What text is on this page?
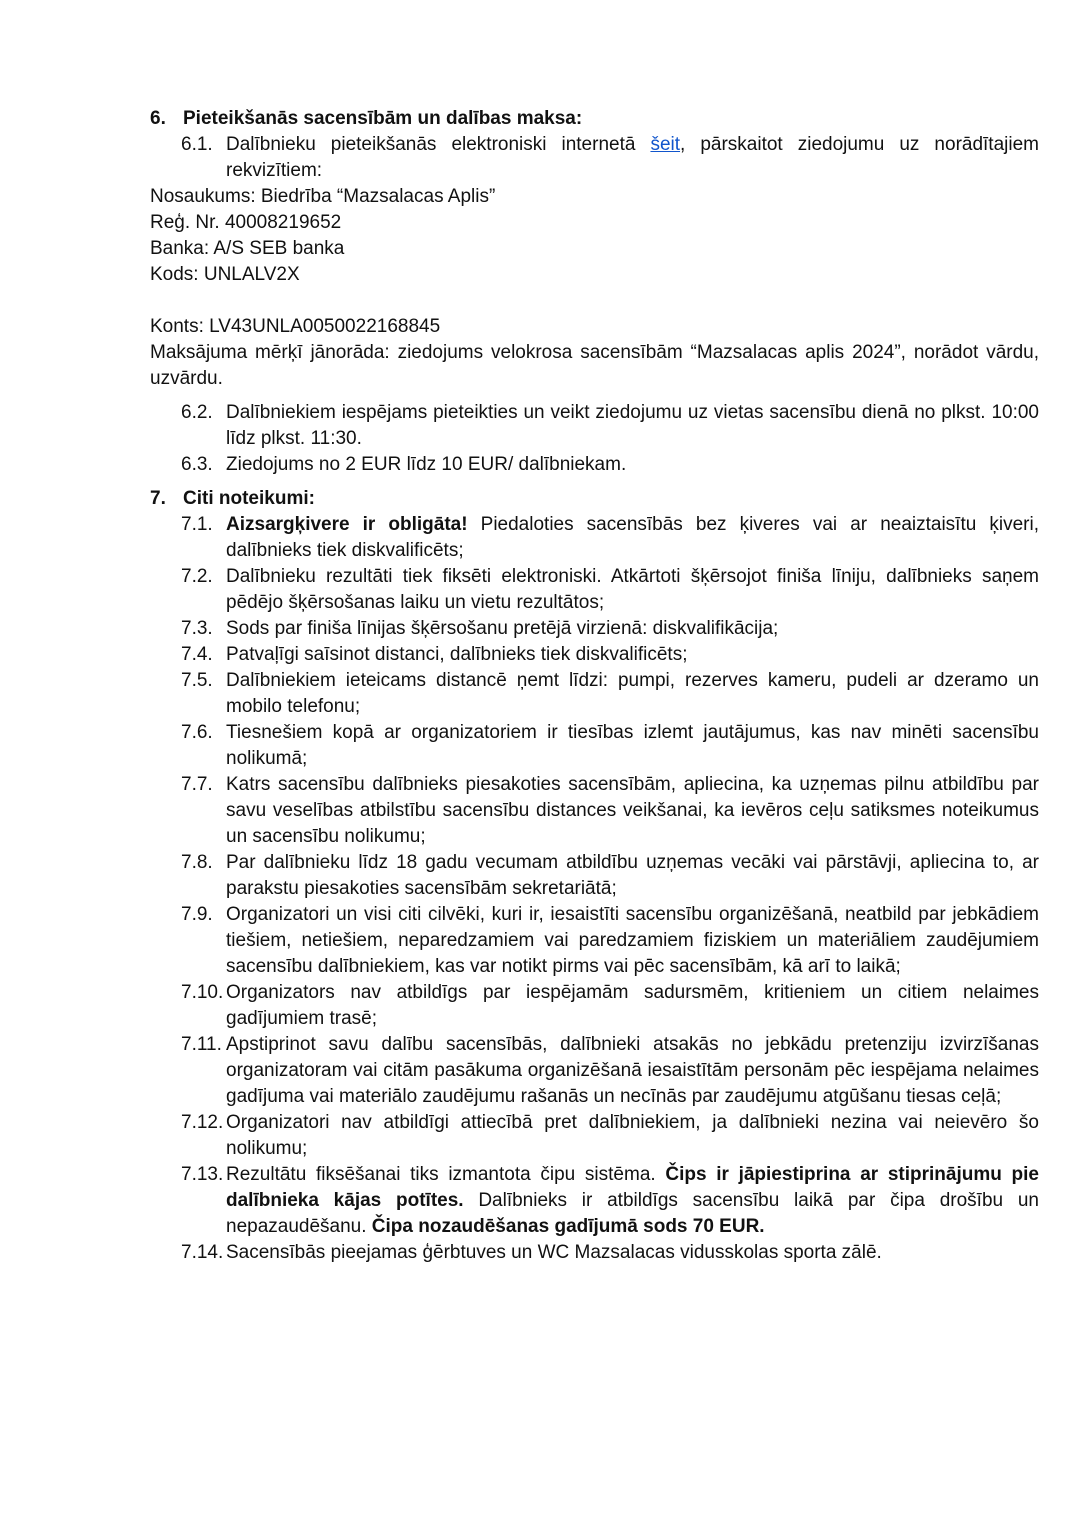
6. Pieteikšanās sacensībām un dalības maksa:
6.1. Dalībnieku pieteikšanās elektroniski internetā šeit, pārskaitot ziedojumu uz norādītajiem rekvizītiem:
Nosaukums: Biedrība “Mazsalacas Aplis”
Reģ. Nr. 40008219652
Banka: A/S SEB banka
Kods: UNLALV2X
Konts: LV43UNLA0050022168845
Maksājuma mērķī jānorāda: ziedojums velokrosa sacensībām “Mazsalacas aplis 2024”, norādot vārdu, uzvārdu.
6.2. Dalībniekiem iespējams pieteikties un veikt ziedojumu uz vietas sacensību dienā no plkst. 10:00 līdz plkst. 11:30.
6.3. Ziedojums no 2 EUR līdz 10 EUR/ dalībniekam.
7. Citi noteikumi:
7.1. Aizsargķivere ir obligāta! Piedaloties sacensībās bez ķiveres vai ar neaiztaisītu ķiveri, dalībnieks tiek diskvalificēts;
7.2. Dalībnieku rezultāti tiek fiksēti elektroniski. Atkārtoti šķērsojot finiša līniju, dalībnieks saņem pēdējo šķērsošanas laiku un vietu rezultātos;
7.3. Sods par finiša līnijas šķērsošanu pretējā virzienā: diskvalifikācija;
7.4. Patvaļīgi saīsinot distanci, dalībnieks tiek diskvalificēts;
7.5. Dalībniekiem ieteicams distancē ņemt līdzi: pumpi, rezerves kameru, pudeli ar dzeramo un mobilo telefonu;
7.6. Tiesnešiem kopā ar organizatoriem ir tiesības izlemt jautājumus, kas nav minēti sacensību nolikumā;
7.7. Katrs sacensību dalībnieks piesakoties sacensībām, apliecina, ka uzņemas pilnu atbildību par savu veselības atbilstību sacensību distances veikšanai, ka ievēros ceļu satiksmes noteikumus un sacensību nolikumu;
7.8. Par dalībnieku līdz 18 gadu vecumam atbildību uzņemas vecāki vai pārstāvji, apliecina to, ar parakstu piesakoties sacensībām sekretariātā;
7.9. Organizatori un visi citi cilvēki, kuri ir, iesaistīti sacensību organizēšanā, neatbild par jebkādiem tiešiem, netiešiem, neparedzamiem vai paredzamiem fiziskiem un materiāliem zaudējumiem sacensību dalībniekiem, kas var notikt pirms vai pēc sacensībām, kā arī to laikā;
7.10. Organizators nav atbildīgs par iespējamām sadursmēm, kritieniem un citiem nelaimes gadījumiem trasē;
7.11. Apstiprinot savu dalību sacensībās, dalībnieki atsakās no jebkādu pretenziju izvirzīšanas organizatoram vai citām pasākuma organizēšanā iesaistītām personām pēc iespējama nelaimes gadījuma vai materiālo zaudējumu rašanās un necīnās par zaudējumu atgūšanu tiesas ceļā;
7.12. Organizatori nav atbildīgi attiecībā pret dalībniekiem, ja dalībnieki nezina vai neievēro šo nolikumu;
7.13. Rezultātu fiksēšanai tiks izmantota čipu sistēma. Čips ir jāpiestiprina ar stiprinājumu pie dalībnieka kājas potītes. Dalībnieks ir atbildīgs sacensību laikā par čipa drošību un nepazaudēšanu. Čipa nozaudēšanas gadījumā sods 70 EUR.
7.14. Sacensībās pieejamas ģērbtuves un WC Mazsalacas vidusskolas sporta zālē.
